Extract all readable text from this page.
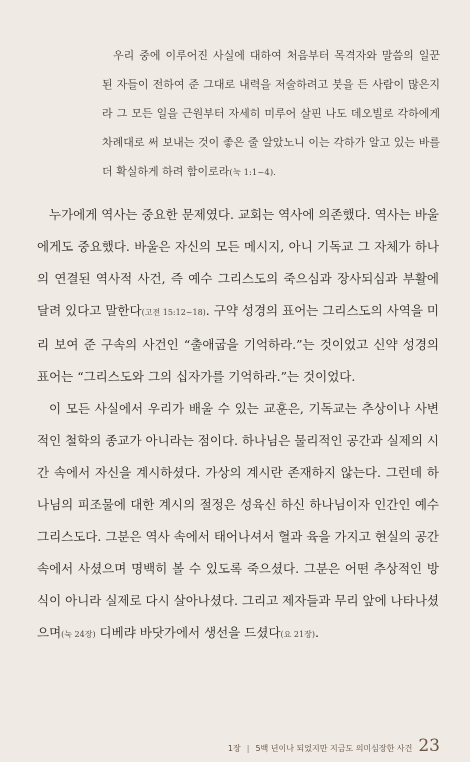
우리 중에 이루어진 사실에 대하여 처음부터 목격자와 말씀의 일꾼 된 자들이 전하여 준 그대로 내력을 저술하려고 붓을 든 사람이 많은지라 그 모든 일을 근원부터 자세히 미루어 살핀 나도 데오빌로 각하에게 차례대로 써 보내는 것이 좋은 줄 알았노니 이는 각하가 알고 있는 바를 더 확실하게 하려 함이로라(눅 1:1~4).

누가에게 역사는 중요한 문제였다. 교회는 역사에 의존했다. 역사는 바울에게도 중요했다. 바울은 자신의 모든 메시지, 아니 기독교 그 자체가 하나의 연결된 역사적 사건, 즉 예수 그리스도의 죽으심과 장사되심과 부활에 달려 있다고 말한다(고전 15:12~18). 구약 성경의 표어는 그리스도의 사역을 미리 보여 준 구속의 사건인 “출애굽을 기억하라.”는 것이었고 신약 성경의 표어는 “그리스도와 그의 십자가를 기억하라.”는 것이었다.

이 모든 사실에서 우리가 배울 수 있는 교훈은, 기독교는 추상이나 사변적인 철학의 종교가 아니라는 점이다. 하나님은 물리적인 공간과 실제의 시간 속에서 자신을 계시하셨다. 가상의 계시란 존재하지 않는다. 그런데 하나님의 피조물에 대한 계시의 절정은 성육신 하신 하나님이자 인간인 예수 그리스도다. 그분은 역사 속에서 태어나셔서 혈과 육을 가지고 현실의 공간 속에서 사셨으며 명백히 볼 수 있도록 죽으셨다. 그분은 어떤 추상적인 방식이 아니라 실제로 다시 살아나셨다. 그리고 제자들과 무리 앞에 나타나셨으며(눅 24장) 디베랴 바닷가에서 생선을 드셨다(요 21장).

1장 | 5백 년이나 되었지만 지금도 의미심장한 사건 23
